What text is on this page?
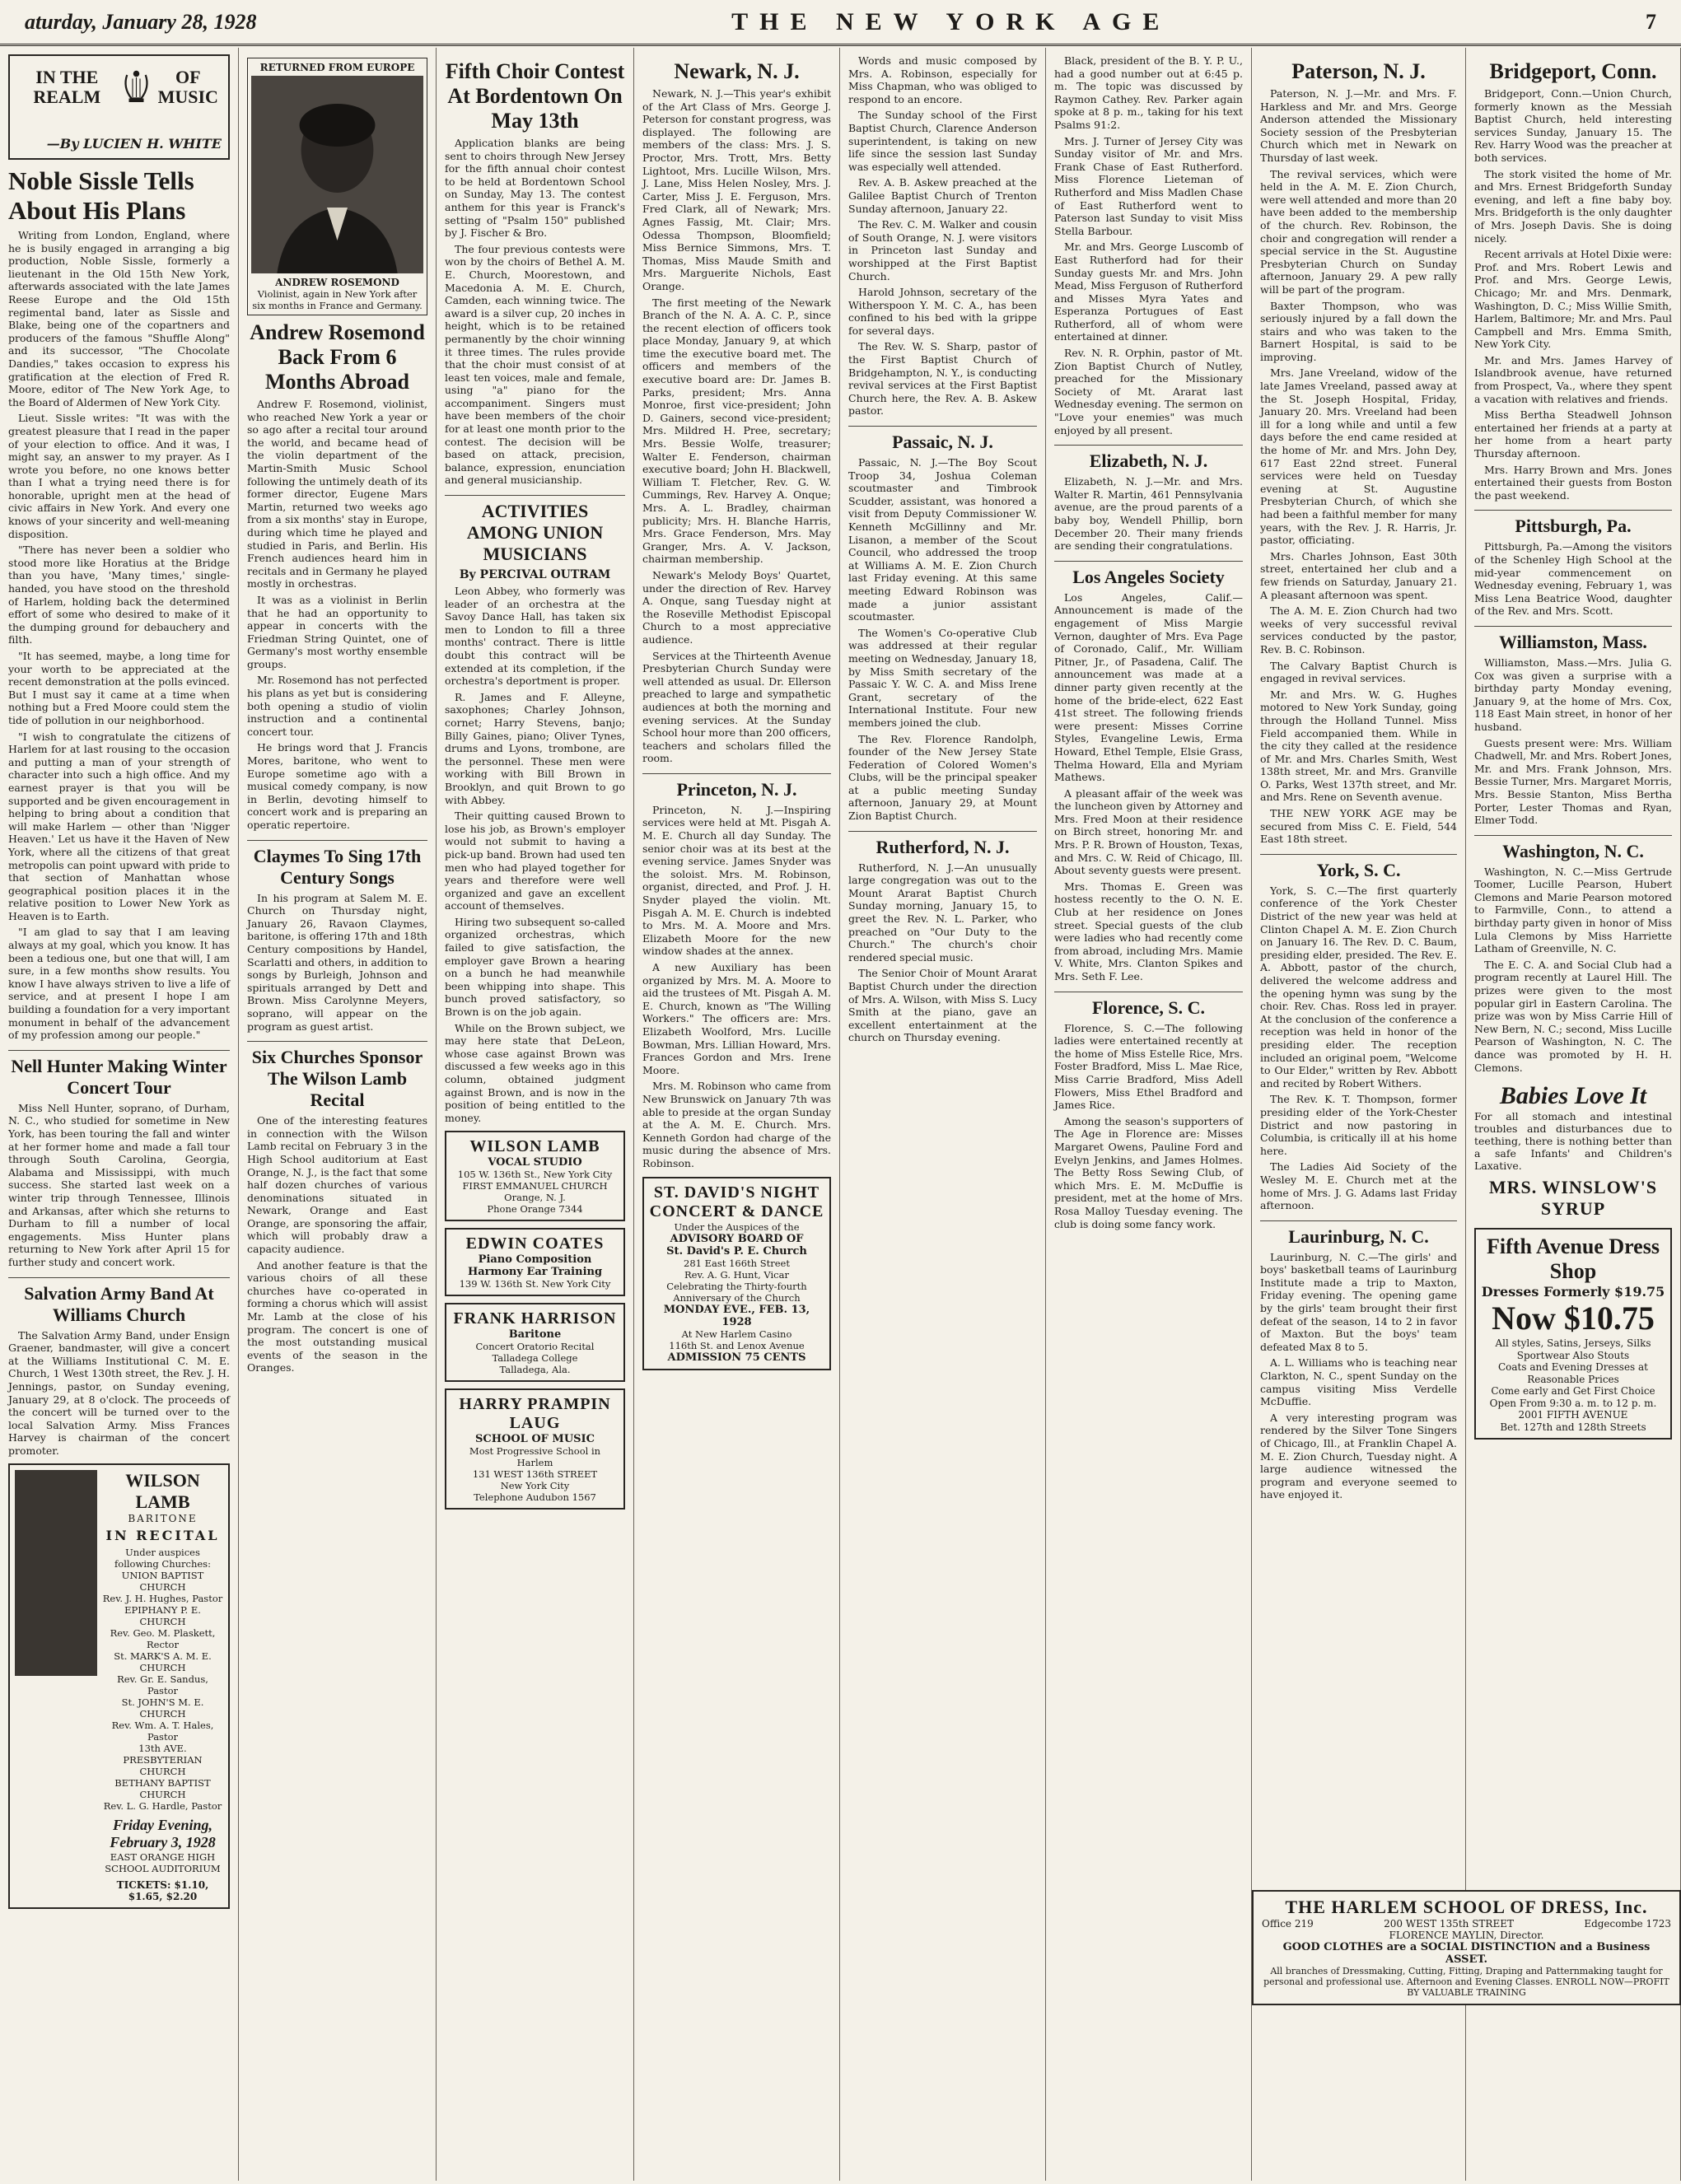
aturday, January 28, 1928	THE NEW YORK AGE	7
IN THE REALM
OF MUSIC
—By LUCIEN H. WHITE
Noble Sissle Tells About His Plans

Writing from London, England, where he is busily engaged in arranging a big production, Noble Sissle, formerly a lieutenant in the Old 15th New York, afterwards associated with the late James Reese Europe and the Old 15th regimental band, later as Sissle and Blake, being one of the copartners and producers of the famous "Shuffle Along" and its successor, "The Chocolate Dandies," takes occasion to express his gratification at the election of Fred R. Moore, editor of The New York Age, to the Board of Aldermen of New York City.

Lieut. Sissle writes: "It was with the greatest pleasure that I read in the paper of your election to office. And it was, I might say, an answer to my prayer. As I wrote you before, no one knows better than I what a trying need there is for honorable, upright men at the head of civic affairs in New York. And every one knows of your sincerity and well-meaning disposition.

"There has never been a soldier who stood more like Horatius at the Bridge than you have, 'Many times,' single-handed, you have stood on the threshold of Harlem, holding back the determined effort of some who desired to make of it the dumping ground for debauchery and filth.

"It has seemed, maybe, a long time for your worth to be appreciated at the recent demonstration at the polls evinced. But I must say it came at a time when nothing but a Fred Moore could stem the tide of pollution in our neighborhood.

"I wish to congratulate the citizens of Harlem for at last rousing to the occasion and putting a man of your strength of character into such a high office. And my earnest prayer is that you will be supported and be given encouragement in helping to bring about a condition that will make Harlem — other than 'Nigger Heaven.' Let us have it the Haven of New York, where all the citizens of that great metropolis can point upward with pride to that section of Manhattan whose geographical position places it in the relative position to Lower New York as Heaven is to Earth.

"I am glad to say that I am leaving always at my goal, which you know. It has been a tedious one, but one that will, I am sure, in a few months show results. You know I have always striven to live a life of service, and at present I hope I am building a foundation for a very important monument in behalf of the advancement of my profession among our people."

Nell Hunter Making Winter Concert Tour

Miss Nell Hunter, soprano, of Durham, N. C., who studied for sometime in New York, has been touring the fall and winter at her former home and made a fall tour through South Carolina, Georgia, Alabama and Mississippi, with much success. She started last week on a winter trip through Tennessee, Illinois and Arkansas, after which she returns to Durham to fill a number of local engagements. Miss Hunter plans returning to New York after April 15 for further study and concert work.

Salvation Army Band At Williams Church

The Salvation Army Band, under Ensign Graener, bandmaster, will give a concert at the Williams Institutional C. M. E. Church, 1 West 130th street, the Rev. J. H. Jennings, pastor, on Sunday evening, January 29, at 8 o'clock. The proceeds of the concert will be turned over to the local Salvation Army. Miss Frances Harvey is chairman of the concert promoter.

WILSON LAMB
BARITONE
IN RECITAL
Under auspices following Churches:
UNION BAPTIST CHURCH
Rev. J. H. Hughes, Pastor
EPIPHANY P. E. CHURCH
Rev. Geo. M. Plaskett, Rector
St. MARK'S A. M. E. CHURCH
Rev. Gr. E. Sandus, Pastor
St. JOHN'S M. E. CHURCH
Rev. Wm. A. T. Hales, Pastor
13th AVE. PRESBYTERIAN CHURCH
BETHANY BAPTIST CHURCH
Rev. L. G. Hardle, Pastor
Friday Evening, February 3, 1928
EAST ORANGE HIGH SCHOOL AUDITORIUM
TICKETS: $1.10, $1.65, $2.20
RETURNED FROM EUROPE
ANDREW ROSEMOND
Violinist, again in New York after six months in France and Germany.
Andrew Rosemond Back From 6 Months Abroad

Andrew F. Rosemond, violinist, who reached New York a year or so ago after a recital tour around the world, and became head of the violin department of the Martin-Smith Music School following the untimely death of its former director, Eugene Mars Martin, returned two weeks ago from a six months' stay in Europe, during which time he played and studied in Paris, and Berlin. His French audiences heard him in recitals and in Germany he played mostly in orchestras.

It was as a violinist in Berlin that he had an opportunity to appear in concerts with the Friedman String Quintet, one of Germany's most worthy ensemble groups.

Mr. Rosemond has not perfected his plans as yet but is considering both opening a studio of violin instruction and a continental concert tour.

He brings word that J. Francis Mores, baritone, who went to Europe sometime ago with a musical comedy company, is now in Berlin, devoting himself to concert work and is preparing an operatic repertoire.

Claymes To Sing 17th Century Songs

In his program at Salem M. E. Church on Thursday night, January 26, Ravaon Claymes, baritone, is offering 17th and 18th Century compositions by Handel, Scarlatti and others, in addition to songs by Burleigh, Johnson and spirituals arranged by Dett and Brown. Miss Carolynne Meyers, soprano, will appear on the program as guest artist.

Six Churches Sponsor The Wilson Lamb Recital

One of the interesting features in connection with the Wilson Lamb recital on February 3 in the High School auditorium at East Orange, N. J., is the fact that some half dozen churches of various denominations situated in Newark, Orange and East Orange, are sponsoring the affair, which will probably draw a capacity audience.

And another feature is that the various choirs of all these churches have co-operated in forming a chorus which will assist Mr. Lamb at the close of his program. The concert is one of the most outstanding musical events of the season in the Oranges.

Fifth Choir Contest At Bordentown On May 13th

Application blanks are being sent to choirs through New Jersey for the fifth annual choir contest to be held at Bordentown School on Sunday, May 13. The contest anthem for this year is Franck's setting of "Psalm 150" published by J. Fischer & Bro.

The four previous contests were won by the choirs of Bethel A. M. E. Church, Moorestown, and Macedonia A. M. E. Church, Camden, each winning twice. The award is a silver cup, 20 inches in height, which is to be retained permanently by the choir winning it three times. The rules provide that the choir must consist of at least ten voices, male and female, using "a" piano for the accompaniment. Singers must have been members of the choir for at least one month prior to the contest. The decision will be based on attack, precision, balance, expression, enunciation and general musicianship.

ACTIVITIES AMONG UNION MUSICIANS
By PERCIVAL OUTRAM

Leon Abbey, who formerly was leader of an orchestra at the Savoy Dance Hall, has taken six men to London to fill a three months' contract. There is little doubt this contract will be extended at its completion, if the orchestra's deportment is proper.

R. James and F. Alleyne, saxophones; Charley Johnson, cornet; Harry Stevens, banjo; Billy Gaines, piano; Oliver Tynes, drums and Lyons, trombone, are the personnel. These men were working with Bill Brown in Brooklyn, and quit Brown to go with Abbey.

Their quitting caused Brown to lose his job, as Brown's employer would not submit to having a pick-up band. Brown had used ten men who had played together for years and therefore were well organized and gave an excellent account of themselves.

Hiring two subsequent so-called organized orchestras, which failed to give satisfaction, the employer gave Brown a hearing on a bunch he had meanwhile been whipping into shape. This bunch proved satisfactory, so Brown is on the job again.

While on the Brown subject, we may here state that DeLeon, whose case against Brown was discussed a few weeks ago in this column, obtained judgment against Brown, and is now in the position of being entitled to the money.

WILSON LAMB
VOCAL STUDIO
105 W. 136th St., New York City
FIRST EMMANUEL CHURCH
Orange, N. J.
Phone Orange 7344
EDWIN COATES
Piano Composition Harmony Ear Training
139 W. 136th St. New York City
FRANK HARRISON
Baritone
Concert Oratorio Recital
Talladega College
Talladega, Ala.
HARRY PRAMPIN LAUG
SCHOOL OF MUSIC
Most Progressive School in Harlem
131 WEST 136th STREET
New York City
Telephone Audubon 1567
Newark, N. J.

Newark, N. J.—This year's exhibit of the Art Class of Mrs. George J. Peterson for constant progress, was displayed. The following are members of the class: Mrs. J. S. Proctor, Mrs. Trott, Mrs. Betty Lightoot, Mrs. Lucille Wilson, Mrs. J. Lane, Miss Helen Nosley, Mrs. J. Carter, Miss J. E. Ferguson, Mrs. Fred Clark, all of Newark; Mrs. Agnes Fassig, Mt. Clair; Mrs. Odessa Thompson, Bloomfield; Miss Bernice Simmons, Mrs. T. Thomas, Miss Maude Smith and Mrs. Marguerite Nichols, East Orange.

The first meeting of the Newark Branch of the N. A. A. C. P., since the recent election of officers took place Monday, January 9, at which time the executive board met. The officers and members of the executive board are: Dr. James B. Parks, president; Mrs. Anna Monroe, first vice-president; John D. Gainers, second vice-president; Mrs. Mildred H. Pree, secretary; Mrs. Bessie Wolfe, treasurer; Walter E. Fenderson, chairman executive board; John H. Blackwell, William T. Fletcher, Rev. G. W. Cummings, Rev. Harvey A. Onque; Mrs. A. L. Bradley, chairman publicity; Mrs. H. Blanche Harris, Mrs. Grace Fenderson, Mrs. May Granger, Mrs. A. V. Jackson, chairman membership.

Newark's Melody Boys' Quartet, under the direction of Rev. Harvey A. Onque, sang Tuesday night at the Roseville Methodist Episcopal Church to a most appreciative audience.

Services at the Thirteenth Avenue Presbyterian Church Sunday were well attended as usual. Dr. Ellerson preached to large and sympathetic audiences at both the morning and evening services. At the Sunday School hour more than 200 officers, teachers and scholars filled the room.

Princeton, N. J.

Princeton, N. J.—Inspiring services were held at Mt. Pisgah A. M. E. Church all day Sunday. The senior choir was at its best at the evening service. James Snyder was the soloist. Mrs. M. Robinson, organist, directed, and Prof. J. H. Snyder played the violin. Mt. Pisgah A. M. E. Church is indebted to Mrs. M. A. Moore and Mrs. Elizabeth Moore for the new window shades at the annex.

A new Auxiliary has been organized by Mrs. M. A. Moore to aid the trustees of Mt. Pisgah A. M. E. Church, known as "The Willing Workers." The officers are: Mrs. Elizabeth Woolford, Mrs. Lucille Bowman, Mrs. Lillian Howard, Mrs. Frances Gordon and Mrs. Irene Moore.

Mrs. M. Robinson who came from New Brunswick on January 7th was able to preside at the organ Sunday at the A. M. E. Church. Mrs. Kenneth Gordon had charge of the music during the absence of Mrs. Robinson.

ST. DAVID'S NIGHT CONCERT & DANCE
Under the Auspices of the
ADVISORY BOARD OF
St. David's P. E. Church
281 East 166th Street
Rev. A. G. Hunt, Vicar
Celebrating the Thirty-fourth Anniversary of the Church
MONDAY EVE., FEB. 13, 1928
At New Harlem Casino
116th St. and Lenox Avenue
ADMISSION 75 CENTS

Words and music composed by Mrs. A. Robinson, especially for Miss Chapman, who was obliged to respond to an encore.

The Sunday school of the First Baptist Church, Clarence Anderson superintendent, is taking on new life since the session last Sunday was especially well attended.

Rev. A. B. Askew preached at the Galilee Baptist Church of Trenton Sunday afternoon, January 22.

The Rev. C. M. Walker and cousin of South Orange, N. J. were visitors in Princeton last Sunday and worshipped at the First Baptist Church.

Harold Johnson, secretary of the Witherspoon Y. M. C. A., has been confined to his bed with la grippe for several days.

The Rev. W. S. Sharp, pastor of the First Baptist Church of Bridgehampton, N. Y., is conducting revival services at the First Baptist Church here, the Rev. A. B. Askew pastor.

Passaic, N. J.

Passaic, N. J.—The Boy Scout Troop 34, Joshua Coleman scoutmaster and Timbrook Scudder, assistant, was honored a visit from Deputy Commissioner W. Kenneth McGillinny and Mr. Lisanon, a member of the Scout Council, who addressed the troop at Williams A. M. E. Zion Church last Friday evening. At this same meeting Edward Robinson was made a junior assistant scoutmaster.

The Women's Co-operative Club was addressed at their regular meeting on Wednesday, January 18, by Miss Smith secretary of the Passaic Y. W. C. A. and Miss Irene Grant, secretary of the International Institute. Four new members joined the club.

The Rev. Florence Randolph, founder of the New Jersey State Federation of Colored Women's Clubs, will be the principal speaker at a public meeting Sunday afternoon, January 29, at Mount Zion Baptist Church.

Rutherford, N. J.

Rutherford, N. J.—An unusually large congregation was out to the Mount Ararat Baptist Church Sunday morning, January 15, to greet the Rev. N. L. Parker, who preached on "Our Duty to the Church." The church's choir rendered special music.

The Senior Choir of Mount Ararat Baptist Church under the direction of Mrs. A. Wilson, with Miss S. Lucy Smith at the piano, gave an excellent entertainment at the church on Thursday evening.

Black, president of the B. Y. P. U., had a good number out at 6:45 p. m. The topic was discussed by Raymon Cathey. Rev. Parker again spoke at 8 p. m., taking for his text Psalms 91:2.

Mrs. J. Turner of Jersey City was Sunday visitor of Mr. and Mrs. Frank Chase of East Rutherford. Miss Florence Lieteman of Rutherford and Miss Madlen Chase of East Rutherford went to Paterson last Sunday to visit Miss Stella Barbour.

Mr. and Mrs. George Luscomb of East Rutherford had for their Sunday guests Mr. and Mrs. John Mead, Miss Ferguson of Rutherford and Misses Myra Yates and Esperanza Portugues of East Rutherford, all of whom were entertained at dinner.

Rev. N. R. Orphin, pastor of Mt. Zion Baptist Church of Nutley, preached for the Missionary Society of Mt. Ararat last Wednesday evening. The sermon on "Love your enemies" was much enjoyed by all present.

Elizabeth, N. J.

Elizabeth, N. J.—Mr. and Mrs. Walter R. Martin, 461 Pennsylvania avenue, are the proud parents of a baby boy, Wendell Phillip, born December 20. Their many friends are sending their congratulations.

Los Angeles Society

Los Angeles, Calif.—Announcement is made of the engagement of Miss Margie Vernon, daughter of Mrs. Eva Page of Coronado, Calif., Mr. William Pitner, Jr., of Pasadena, Calif. The announcement was made at a dinner party given recently at the home of the bride-elect, 622 East 41st street. The following friends were present: Misses Corrine Styles, Evangeline Lewis, Erma Howard, Ethel Temple, Elsie Grass, Thelma Howard, Ella and Myriam Mathews.

A pleasant affair of the week was the luncheon given by Attorney and Mrs. Fred Moon at their residence on Birch street, honoring Mr. and Mrs. P. R. Brown of Houston, Texas, and Mrs. C. W. Reid of Chicago, Ill. About seventy guests were present.

Mrs. Thomas E. Green was hostess recently to the O. N. E. Club at her residence on Jones street. Special guests of the club were ladies who had recently come from abroad, including Mrs. Mamie V. White, Mrs. Clanton Spikes and Mrs. Seth F. Lee.

Florence, S. C.

Florence, S. C.—The following ladies were entertained recently at the home of Miss Estelle Rice, Mrs. Foster Bradford, Miss L. Mae Rice, Miss Carrie Bradford, Miss Adell Flowers, Miss Ethel Bradford and James Rice.

Among the season's supporters of The Age in Florence are: Misses Margaret Owens, Pauline Ford and Evelyn Jenkins, and James Holmes. The Betty Ross Sewing Club, of which Mrs. E. M. McDuffie is president, met at the home of Mrs. Rosa Malloy Tuesday evening. The club is doing some fancy work.

Paterson, N. J.

Paterson, N. J.—Mr. and Mrs. F. Harkless and Mr. and Mrs. George Anderson attended the Missionary Society session of the Presbyterian Church which met in Newark on Thursday of last week.

The revival services, which were held in the A. M. E. Zion Church, were well attended and more than 20 have been added to the membership of the church. Rev. Robinson, the choir and congregation will render a special service in the St. Augustine Presbyterian Church on Sunday afternoon, January 29. A pew rally will be part of the program.

Baxter Thompson, who was seriously injured by a fall down the stairs and who was taken to the Barnert Hospital, is said to be improving.

Mrs. Jane Vreeland, widow of the late James Vreeland, passed away at the St. Joseph Hospital, Friday, January 20. Mrs. Vreeland had been ill for a long while and until a few days before the end came resided at the home of Mr. and Mrs. John Dey, 617 East 22nd street. Funeral services were held on Tuesday evening at St. Augustine Presbyterian Church, of which she had been a faithful member for many years, with the Rev. J. R. Harris, Jr. pastor, officiating.

Mrs. Charles Johnson, East 30th street, entertained her club and a few friends on Saturday, January 21. A pleasant afternoon was spent.

The A. M. E. Zion Church had two weeks of very successful revival services conducted by the pastor, Rev. B. C. Robinson.

The Calvary Baptist Church is engaged in revival services.

Mr. and Mrs. W. G. Hughes motored to New York Sunday, going through the Holland Tunnel. Miss Field accompanied them. While in the city they called at the residence of Mr. and Mrs. Charles Smith, West 138th street, Mr. and Mrs. Granville O. Parks, West 137th street, and Mr. and Mrs. Rene on Seventh avenue.

THE NEW YORK AGE may be secured from Miss C. E. Field, 544 East 18th street.

York, S. C.

York, S. C.—The first quarterly conference of the York Chester District of the new year was held at Clinton Chapel A. M. E. Zion Church on January 16. The Rev. D. C. Baum, presiding elder, presided. The Rev. E. A. Abbott, pastor of the church, delivered the welcome address and the opening hymn was sung by the choir. Rev. Chas. Ross led in prayer. At the conclusion of the conference a reception was held in honor of the presiding elder. The reception included an original poem, "Welcome to Our Elder," written by Rev. Abbott and recited by Robert Withers.

The Rev. K. T. Thompson, former presiding elder of the York-Chester District and now pastoring in Columbia, is critically ill at his home here.

The Ladies Aid Society of the Wesley M. E. Church met at the home of Mrs. J. G. Adams last Friday afternoon.

Laurinburg, N. C.

Laurinburg, N. C.—The girls' and boys' basketball teams of Laurinburg Institute made a trip to Maxton, Friday evening. The opening game by the girls' team brought their first defeat of the season, 14 to 2 in favor of Maxton. But the boys' team defeated Max 8 to 5.

A. L. Williams who is teaching near Clarkton, N. C., spent Sunday on the campus visiting Miss Verdelle McDuffie.

A very interesting program was rendered by the Silver Tone Singers of Chicago, Ill., at Franklin Chapel A. M. E. Zion Church, Tuesday night. A large audience witnessed the program and everyone seemed to have enjoyed it.

Bridgeport, Conn.

Bridgeport, Conn.—Union Church, formerly known as the Messiah Baptist Church, held interesting services Sunday, January 15. The Rev. Harry Wood was the preacher at both services.

The stork visited the home of Mr. and Mrs. Ernest Bridgeforth Sunday evening, and left a fine baby boy. Mrs. Bridgeforth is the only daughter of Mrs. Joseph Davis. She is doing nicely.

Recent arrivals at Hotel Dixie were: Prof. and Mrs. Robert Lewis and Prof. and Mrs. George Lewis, Chicago; Mr. and Mrs. Denmark, Washington, D. C.; Miss Willie Smith, Harlem, Baltimore; Mr. and Mrs. Paul Campbell and Mrs. Emma Smith, New York City.

Mr. and Mrs. James Harvey of Islandbrook avenue, have returned from Prospect, Va., where they spent a vacation with relatives and friends.

Miss Bertha Steadwell Johnson entertained her friends at a party at her home from a heart party Thursday afternoon.

Mrs. Harry Brown and Mrs. Jones entertained their guests from Boston the past weekend.

Pittsburgh, Pa.

Pittsburgh, Pa.—Among the visitors of the Schenley High School at the mid-year commencement on Wednesday evening, February 1, was Miss Lena Beatrice Wood, daughter of the Rev. and Mrs. Scott.

Williamston, Mass.

Williamston, Mass.—Mrs. Julia G. Cox was given a surprise with a birthday party Monday evening, January 9, at the home of Mrs. Cox, 118 East Main street, in honor of her husband.

Guests present were: Mrs. William Chadwell, Mr. and Mrs. Robert Jones, Mr. and Mrs. Frank Johnson, Mrs. Bessie Turner, Mrs. Margaret Morris, Mrs. Bessie Stanton, Miss Bertha Porter, Lester Thomas and Ryan, Elmer Todd.

Washington, N. C.

Washington, N. C.—Miss Gertrude Toomer, Lucille Pearson, Hubert Clemons and Marie Pearson motored to Farmville, Conn., to attend a birthday party given in honor of Miss Lula Clemons by Miss Harriette Latham of Greenville, N. C.

The E. C. A. and Social Club had a program recently at Laurel Hill. The prizes were given to the most popular girl in Eastern Carolina. The prize was won by Miss Carrie Hill of New Bern, N. C.; second, Miss Lucille Pearson of Washington, N. C. The dance was promoted by H. H. Clemons.

Babies Love It
For all stomach and intestinal troubles and disturbances due to teething, there is nothing better than a safe Infants' and Children's Laxative.
MRS. WINSLOW'S SYRUP
Fifth Avenue Dress Shop
Dresses Formerly $19.75
Now $10.75
All styles, Satins, Jerseys, Silks
Sportwear Also Stouts
Coats and Evening Dresses at Reasonable Prices
Come early and Get First Choice
Open From 9:30 a. m. to 12 p. m.
2001 FIFTH AVENUE
Bet. 127th and 128th Streets
THE HARLEM SCHOOL OF DRESS, Inc.
Office 219	200 WEST 135th STREET	Edgecombe 1723
FLORENCE MAYLIN, Director.
GOOD CLOTHES are a SOCIAL DISTINCTION and a Business ASSET.
All branches of Dressmaking, Cutting, Fitting, Draping and Patternmaking taught for personal and professional use. Afternoon and Evening Classes. ENROLL NOW—PROFIT BY VALUABLE TRAINING
